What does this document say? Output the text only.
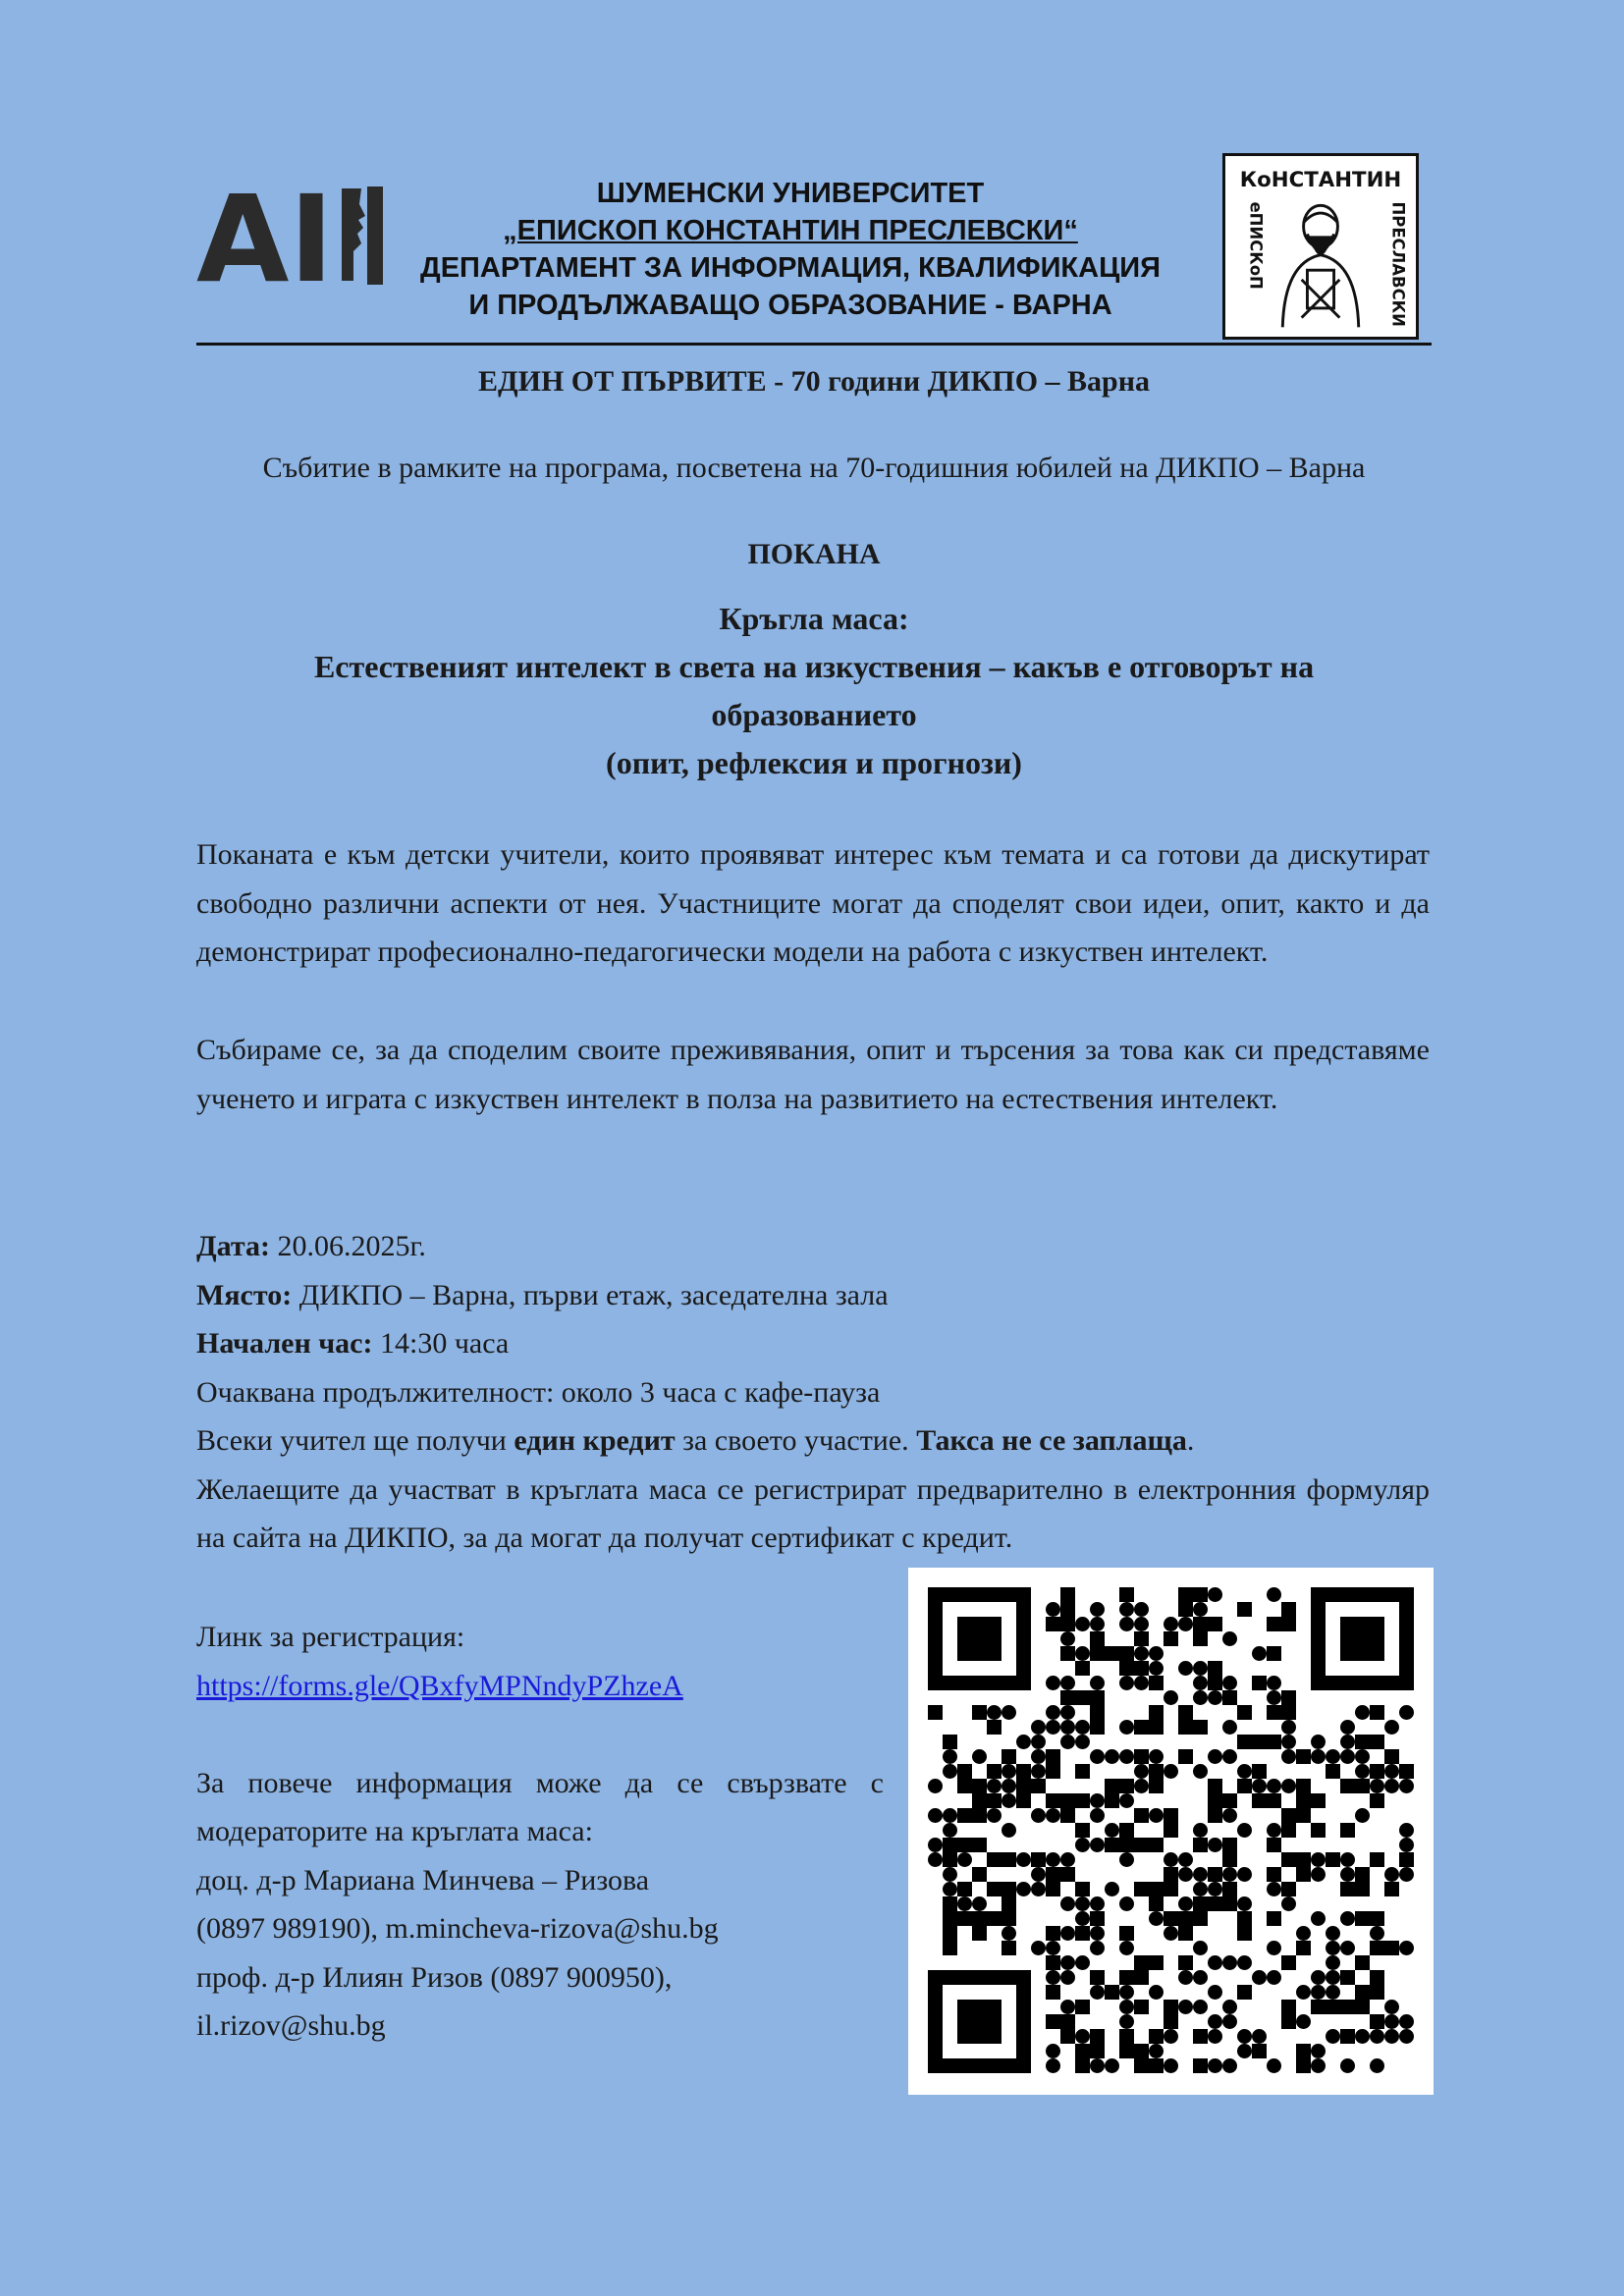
AI	ШУМЕНСКИ УНИВЕРСИТЕТ
„ЕПИСКОП КОНСТАНТИН ПРЕСЛЕВСКИ“
ДЕПАРТАМЕНТ ЗА ИНФОРМАЦИЯ, КВАЛИФИКАЦИЯ
И ПРОДЪЛЖАВАЩО ОБРАЗОВАНИЕ - ВАРНА
КоНСТАНТИН
еПИСКоП	ПРЕСЛАВСКИ
ЕДИН ОТ ПЪРВИТЕ - 70 години ДИКПО – Варна
Събитие в рамките на програма, посветена на 70-годишния юбилей на ДИКПО – Варна
ПОКАНА
Кръгла маса:
Естественият интелект в света на изкуствения – какъв е отговорът на
образованието
(опит, рефлексия и прогнози)
Поканата е към детски учители, които проявяват интерес към темата и са готови да дискутират свободно различни аспекти от нея. Участниците могат да споделят свои идеи, опит, както и да демонстрират професионално-педагогически модели на работа с изкуствен интелект.
Събираме се, за да споделим своите преживявания, опит и търсения за това как си представяме ученето и играта с изкуствен интелект в полза на развитието на естествения интелект.
Дата: 20.06.2025г.
Място: ДИКПО – Варна, първи етаж, заседателна зала
Начален час: 14:30 часа
Очаквана продължителност: около 3 часа с кафе-пауза
Всеки учител ще получи един кредит за своето участие. Такса не се заплаща.
Желаещите да участват в кръглата маса се регистрират предварително в електронния формуляр на сайта на ДИКПО, за да могат да получат сертификат с кредит.
Линк за регистрация:
https://forms.gle/QBxfyMPNndyPZhzeA
За повече информация може да се свързвате с модераторите на кръглата маса:
доц. д-р Мариана Минчева – Ризова
(0897 989190), m.mincheva-rizova@shu.bg
проф. д-р Илиян Ризов (0897 900950),
il.rizov@shu.bg
